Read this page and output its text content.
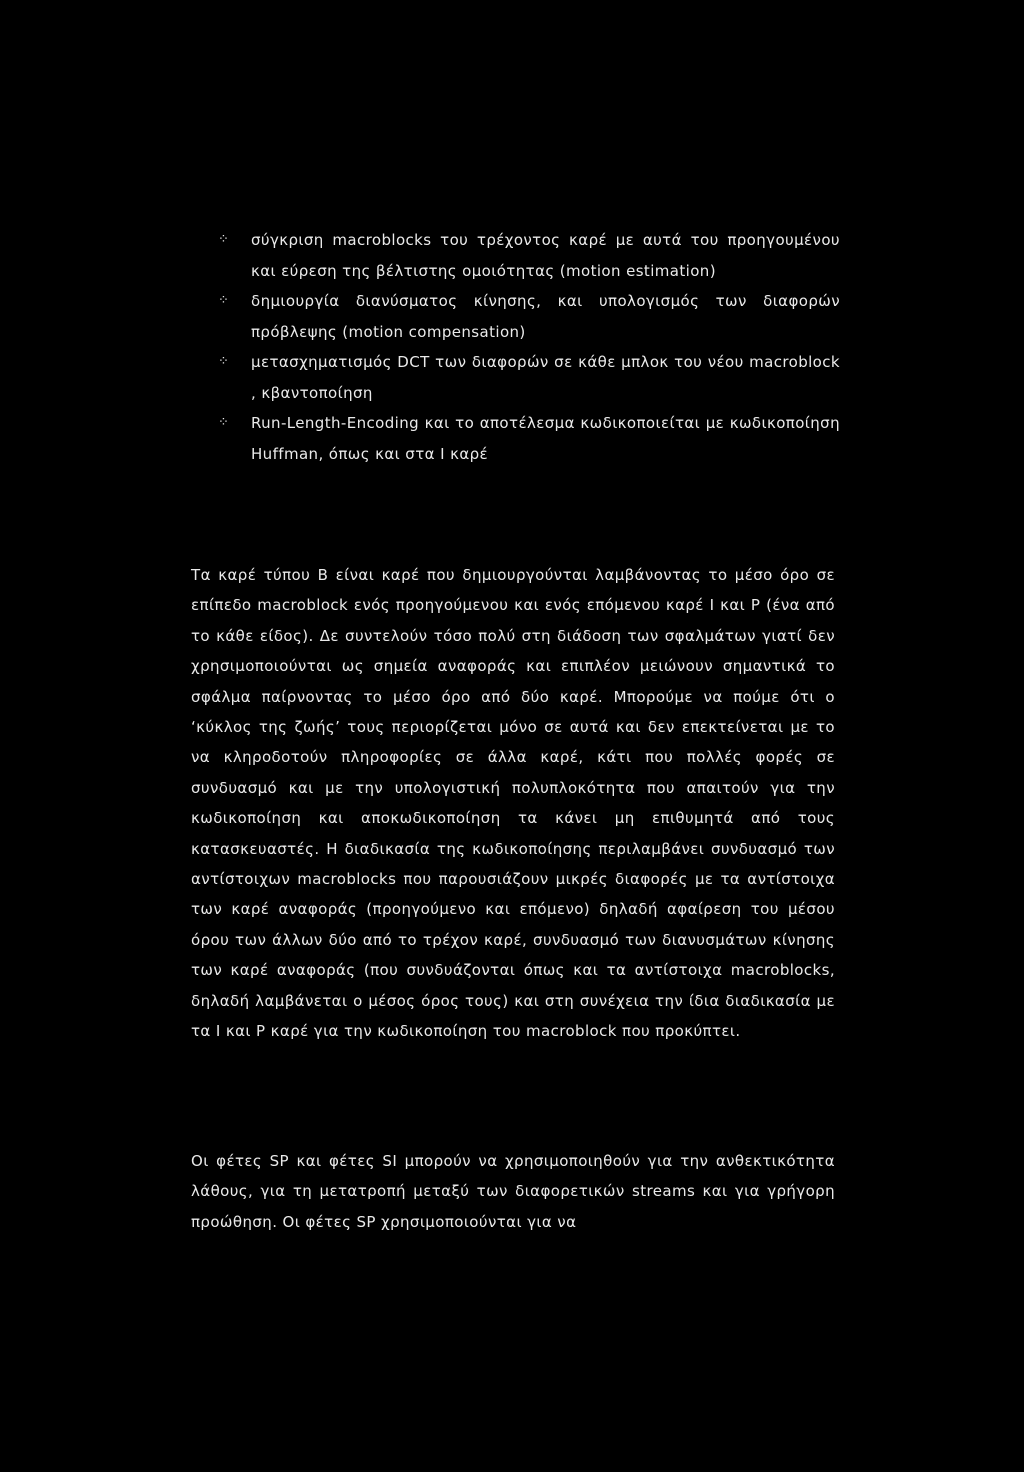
⁘ σύγκριση macroblocks του τρέχοντος καρέ με αυτά του προηγουμένου και εύρεση της βέλτιστης ομοιότητας (motion estimation)
⁘ δημιουργία διανύσματος κίνησης, και υπολογισμός των διαφορών πρόβλεψης (motion compensation)
⁘ μετασχηματισμός DCT των διαφορών σε κάθε μπλοκ του νέου macroblock , κβαντοποίηση
⁘ Run-Length-Encoding και το αποτέλεσμα κωδικοποιείται με κωδικοποίηση Huffman, όπως και στα I καρέ

Τα καρέ τύπου B είναι καρέ που δημιουργούνται λαμβάνοντας το μέσο όρο σε επίπεδο macroblock ενός προηγούμενου και ενός επόμενου καρέ I και P (ένα από το κάθε είδος). Δε συντελούν τόσο πολύ στη διάδοση των σφαλμάτων γιατί δεν χρησιμοποιούνται ως σημεία αναφοράς και επιπλέον μειώνουν σημαντικά το σφάλμα παίρνοντας το μέσο όρο από δύο καρέ. Μπορούμε να πούμε ότι ο ‘κύκλος της ζωής’ τους περιορίζεται μόνο σε αυτά και δεν επεκτείνεται με το να κληροδοτούν πληροφορίες σε άλλα καρέ, κάτι που πολλές φορές σε συνδυασμό και με την υπολογιστική πολυπλοκότητα που απαιτούν για την κωδικοποίηση και αποκωδικοποίηση τα κάνει μη επιθυμητά από τους κατασκευαστές. Η διαδικασία της κωδικοποίησης περιλαμβάνει συνδυασμό των αντίστοιχων macroblocks που παρουσιάζουν μικρές διαφορές με τα αντίστοιχα των καρέ αναφοράς (προηγούμενο και επόμενο) δηλαδή αφαίρεση του μέσου όρου των άλλων δύο από το τρέχον καρέ, συνδυασμό των διανυσμάτων κίνησης των καρέ αναφοράς (που συνδυάζονται όπως και τα αντίστοιχα macroblocks, δηλαδή λαμβάνεται ο μέσος όρος τους) και στη συνέχεια την ίδια διαδικασία με τα I και P καρέ για την κωδικοποίηση του macroblock που προκύπτει.

Οι φέτες SP και φέτες SI μπορούν να χρησιμοποιηθούν για την ανθεκτικότητα λάθους, για τη μετατροπή μεταξύ των διαφορετικών streams και για γρήγορη προώθηση. Οι φέτες SP χρησιμοποιούνται για να
